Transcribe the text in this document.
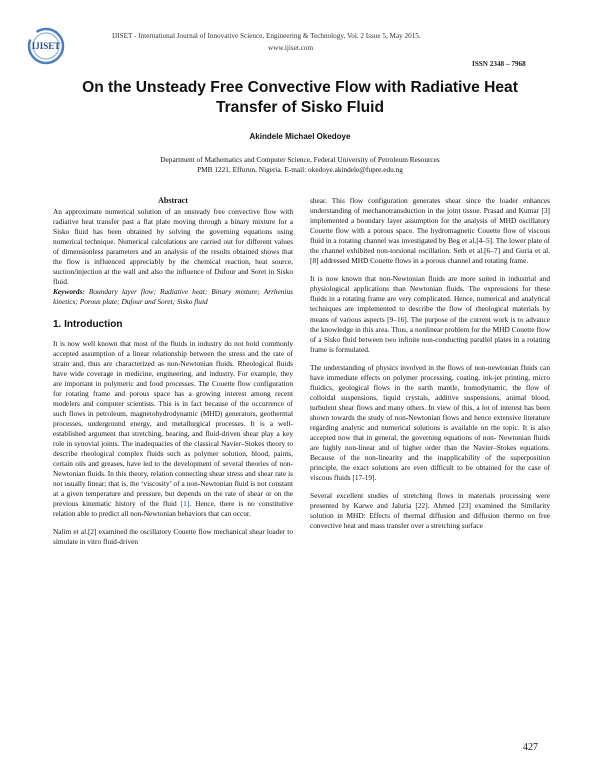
IJISET
IJISET - International Journal of Innovative Science, Engineering & Technology, Vol. 2 Issue 5, May 2015.
www.ijiset.com
ISSN 2348 – 7968
On the Unsteady Free Convective Flow with Radiative Heat Transfer of Sisko Fluid
Akindele Michael Okedoye
Department of Mathematics and Computer Science, Federal University of Petroleum Resources
PMB 1221, Effurun, Nigeria. E-mail: okedoye.akindele@fupre.edu.ng

Abstract

An approximate numerical solution of an unsteady free convective flow with radiative heat transfer past a flat plate moving through a binary mixture for a Sisko fluid has been obtained by solving the governing equations using numerical technique. Numerical calculations are carried out for different values of dimensionless parameters and an analysis of the results obtained shows that the flow is influenced appreciably by the chemical reaction, heat source, suction/injection at the wall and also the influence of Dufour and Soret in Sisko fluid.

Keywords: Boundary layer flow; Radiative heat; Binary mixture; Arrhenius kinetics; Porous plate; Dufour and Soret; Sisko fluid

1. Introduction

It is now well known that most of the fluids in industry do not hold commonly accepted assumption of a linear relationship between the stress and the rate of strain and, thus are characterized as non-Newtonian fluids. Rheological fluids have wide coverage in medicine, engineering, and industry. For example, they are important in polymeric and food processes. The Couette flow configuration for rotating frame and porous space has a growing interest among recent modelers and computer scientists. This is in fact because of the occurrence of such flows in petroleum, magnetohydrodynamic (MHD) generators, geothermal processes, underground energy, and metallurgical processes. It is a well-established argument that stretching, bearing, and fluid-driven shear play a key role in synovial joints. The inadequacies of the classical Navier–Stokes theory to describe rheological complex fluids such as polymer solution, blood, paints, certain oils and greases, have led to the development of several theories of non-Newtonian fluids. In this theory, relation connecting shear stress and shear rate is not usually linear; that is, the ‘viscosity’ of a non-Newtonian fluid is not constant at a given temperature and pressure, but depends on the rate of shear or on the previous kinematic history of the fluid [1]. Hence, there is no constitutive relation able to predict all non-Newtonian behaviors that can occur.

Nalim et al.[2] examined the oscillatory Couette flow mechanical shear loader to simulate in vitro fluid-driven

shear. This flow configuration generates shear since the loader enhances understanding of mechanotransduction in the joint tissue. Prasad and Kumar [3] implemented a boundary layer assumption for the analysis of MHD oscillatory Couette flow with a porous space. The hydromagnetic Couette flow of viscous fluid in a rotating channel was investigated by Beg et al.[4–5]. The lower plate of the channel exhibited non-torsional oscillation. Seth et al.[6–7] and Guria et al.[8] addressed MHD Couette flows in a porous channel and rotating frame.

It is now known that non-Newtonian fluids are more suited in industrial and physiological applications than Newtonian fluids. The expressions for these fluids in a rotating frame are very complicated. Hence, numerical and analytical techniques are implemented to describe the flow of rheological materials by means of various aspects [9–16]. The purpose of the current work is to advance the knowledge in this area. Thus, a nonlinear problem for the MHD Couette flow of a Sisko fluid between two infinite non-conducting parallel plates in a rotating frame is formulated.

The understanding of physics involved in the flows of non-newtonian fluids can have immediate effects on polymer processing, coating, ink-jet printing, micro fluidics, geological flows in the earth mantle, homodynamic, the flow of colloidal suspensions, liquid crystals, additive suspensions, animal blood, turbulent shear flows and many others. In view of this, a lot of interest has been shown towards the study of non-Newtonian flows and hence extensive literature regarding analytic and numerical solutions is available on the topic. It is also accepted now that in general, the governing equations of non- Newtonian fluids are highly non-linear and of higher order than the Navier–Stokes equations. Because of the non-linearity and the inapplicability of the superposition principle, the exact solutions are even difficult to be obtained for the case of viscous fluids [17-19].

Several excellent studies of stretching flows in materials processing were presented by Karwe and Jaluria [22]. Ahmed [23] examined the Similarity solution in MHD: Effects of thermal diffusion and diffusion thermo on free convective heat and mass transfer over a stretching surface

427
